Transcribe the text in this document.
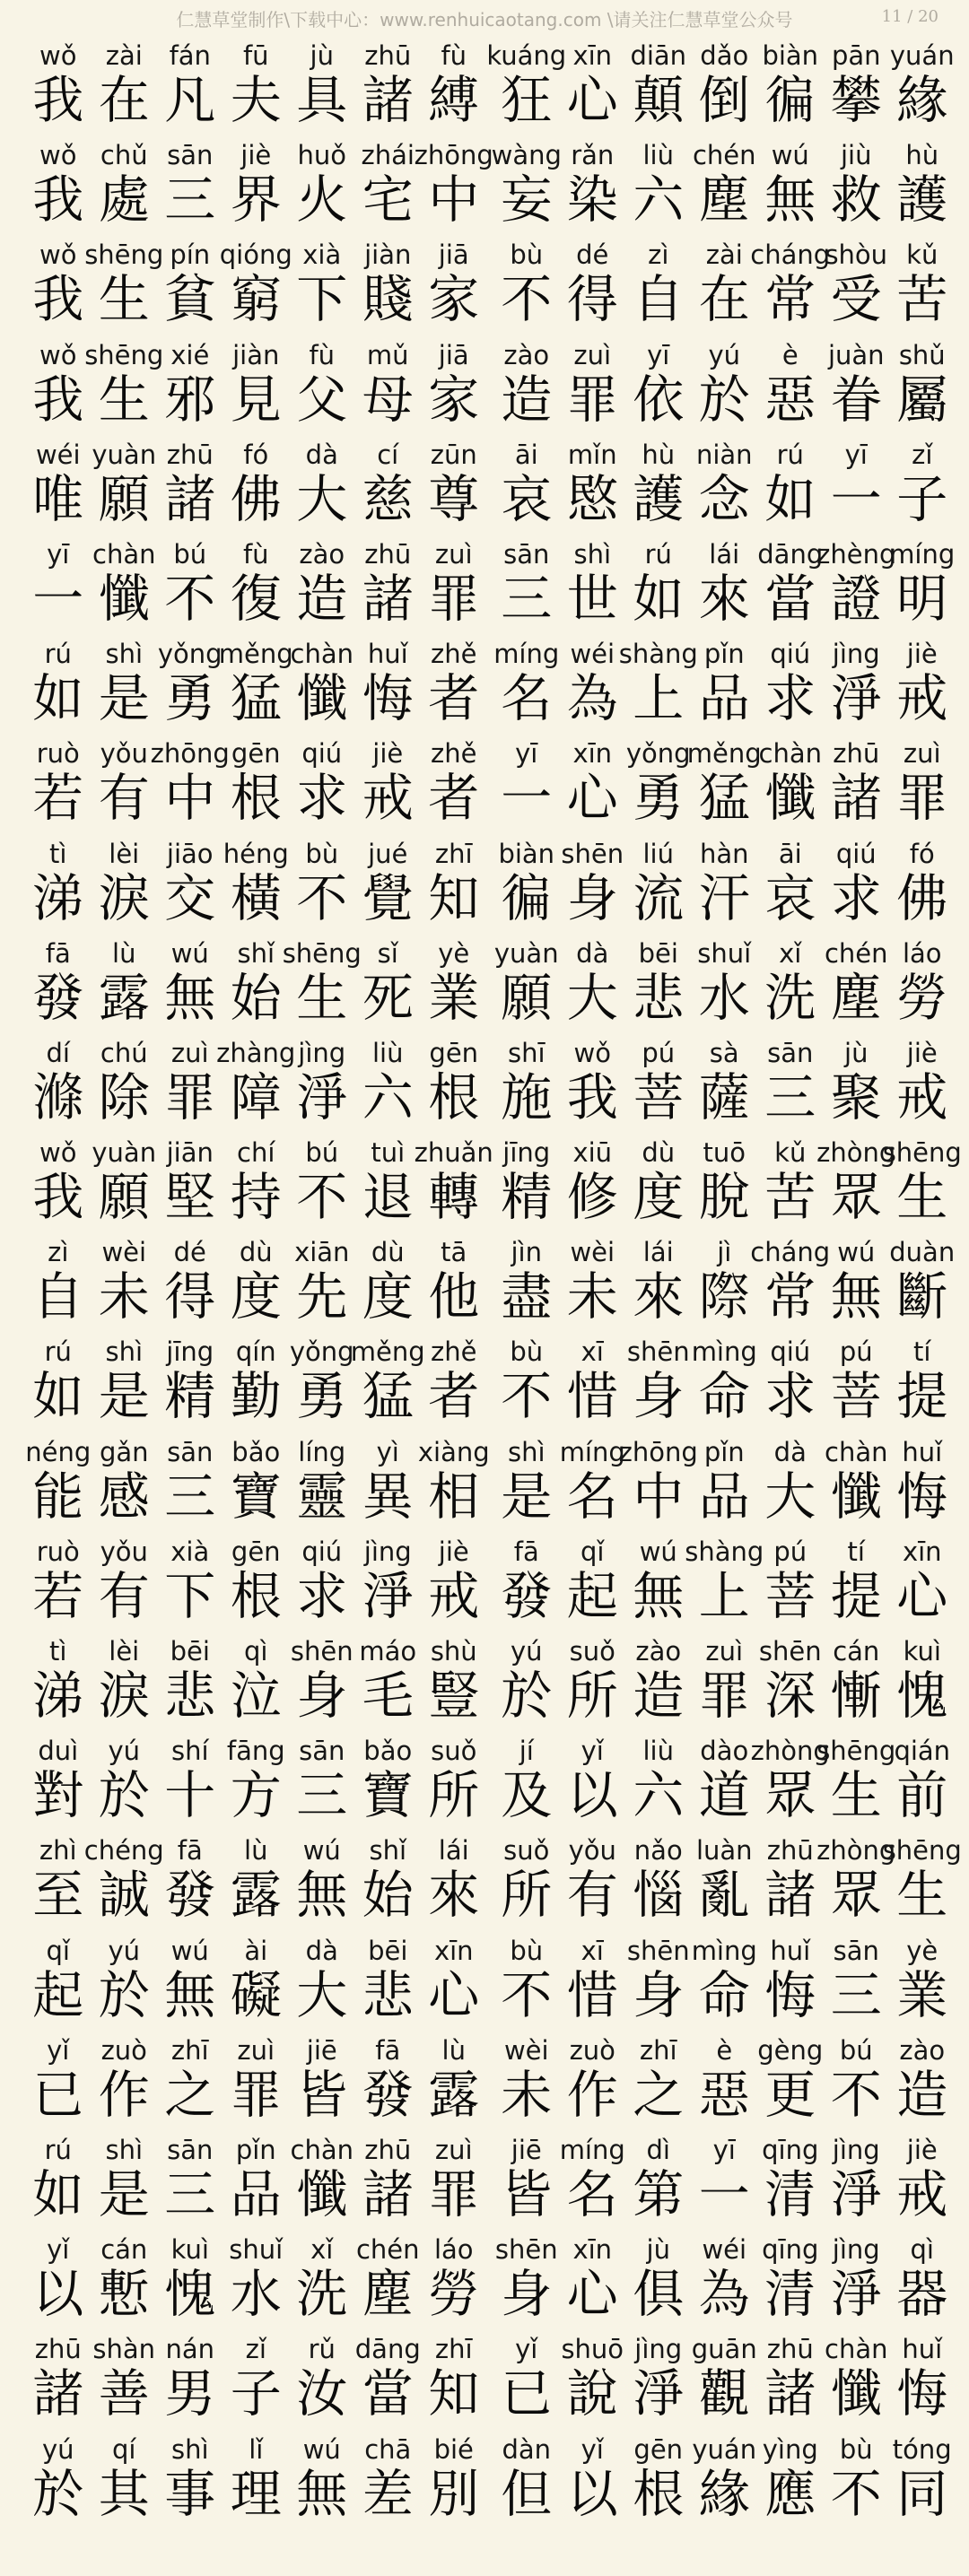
仁慧草堂制作\下载中心：www.renhuicaotang.com \请关注仁慧草堂公众号	11 / 20
wǒ
我
zài
在
fán
凡
fū
夫
jù
具
zhū
諸
fù
縛
kuáng
狂
xīn
心
diān
顛
dǎo
倒
biàn
徧
pān
攀
yuán
緣
wǒ
我
chǔ
處
sān
三
jiè
界
huǒ
火
zhái
宅
zhōng
中
wàng
妄
rǎn
染
liù
六
chén
塵
wú
無
jiù
救
hù
護
wǒ
我
shēng
生
pín
貧
qióng
窮
xià
下
jiàn
賤
jiā
家
bù
不
dé
得
zì
自
zài
在
cháng
常
shòu
受
kǔ
苦
wǒ
我
shēng
生
xié
邪
jiàn
見
fù
父
mǔ
母
jiā
家
zào
造
zuì
罪
yī
依
yú
於
è
惡
juàn
眷
shǔ
屬
wéi
唯
yuàn
願
zhū
諸
fó
佛
dà
大
cí
慈
zūn
尊
āi
哀
mǐn
愍
hù
護
niàn
念
rú
如
yī
一
zǐ
子
yī
一
chàn
懺
bú
不
fù
復
zào
造
zhū
諸
zuì
罪
sān
三
shì
世
rú
如
lái
來
dāng
當
zhèng
證
míng
明
rú
如
shì
是
yǒng
勇
měng
猛
chàn
懺
huǐ
悔
zhě
者
míng
名
wéi
為
shàng
上
pǐn
品
qiú
求
jìng
淨
jiè
戒
ruò
若
yǒu
有
zhōng
中
gēn
根
qiú
求
jiè
戒
zhě
者
yī
一
xīn
心
yǒng
勇
měng
猛
chàn
懺
zhū
諸
zuì
罪
tì
涕
lèi
淚
jiāo
交
héng
橫
bù
不
jué
覺
zhī
知
biàn
徧
shēn
身
liú
流
hàn
汗
āi
哀
qiú
求
fó
佛
fā
發
lù
露
wú
無
shǐ
始
shēng
生
sǐ
死
yè
業
yuàn
願
dà
大
bēi
悲
shuǐ
水
xǐ
洗
chén
塵
láo
勞
dí
滌
chú
除
zuì
罪
zhàng
障
jìng
淨
liù
六
gēn
根
shī
施
wǒ
我
pú
菩
sà
薩
sān
三
jù
聚
jiè
戒
wǒ
我
yuàn
願
jiān
堅
chí
持
bú
不
tuì
退
zhuǎn
轉
jīng
精
xiū
修
dù
度
tuō
脫
kǔ
苦
zhòng
眾
shēng
生
zì
自
wèi
未
dé
得
dù
度
xiān
先
dù
度
tā
他
jìn
盡
wèi
未
lái
來
jì
際
cháng
常
wú
無
duàn
斷
rú
如
shì
是
jīng
精
qín
勤
yǒng
勇
měng
猛
zhě
者
bù
不
xī
惜
shēn
身
mìng
命
qiú
求
pú
菩
tí
提
néng
能
gǎn
感
sān
三
bǎo
寶
líng
靈
yì
異
xiàng
相
shì
是
míng
名
zhōng
中
pǐn
品
dà
大
chàn
懺
huǐ
悔
ruò
若
yǒu
有
xià
下
gēn
根
qiú
求
jìng
淨
jiè
戒
fā
發
qǐ
起
wú
無
shàng
上
pú
菩
tí
提
xīn
心
tì
涕
lèi
淚
bēi
悲
qì
泣
shēn
身
máo
毛
shù
豎
yú
於
suǒ
所
zào
造
zuì
罪
shēn
深
cán
慚
kuì
愧
duì
對
yú
於
shí
十
fāng
方
sān
三
bǎo
寶
suǒ
所
jí
及
yǐ
以
liù
六
dào
道
zhòng
眾
shēng
生
qián
前
zhì
至
chéng
誠
fā
發
lù
露
wú
無
shǐ
始
lái
來
suǒ
所
yǒu
有
nǎo
惱
luàn
亂
zhū
諸
zhòng
眾
shēng
生
qǐ
起
yú
於
wú
無
ài
礙
dà
大
bēi
悲
xīn
心
bù
不
xī
惜
shēn
身
mìng
命
huǐ
悔
sān
三
yè
業
yǐ
已
zuò
作
zhī
之
zuì
罪
jiē
皆
fā
發
lù
露
wèi
未
zuò
作
zhī
之
è
惡
gèng
更
bú
不
zào
造
rú
如
shì
是
sān
三
pǐn
品
chàn
懺
zhū
諸
zuì
罪
jiē
皆
míng
名
dì
第
yī
一
qīng
清
jìng
淨
jiè
戒
yǐ
以
cán
慙
kuì
愧
shuǐ
水
xǐ
洗
chén
塵
láo
勞
shēn
身
xīn
心
jù
俱
wéi
為
qīng
清
jìng
淨
qì
器
zhū
諸
shàn
善
nán
男
zǐ
子
rǔ
汝
dāng
當
zhī
知
yǐ
已
shuō
說
jìng
淨
guān
觀
zhū
諸
chàn
懺
huǐ
悔
yú
於
qí
其
shì
事
lǐ
理
wú
無
chā
差
bié
別
dàn
但
yǐ
以
gēn
根
yuán
緣
yìng
應
bù
不
tóng
同
